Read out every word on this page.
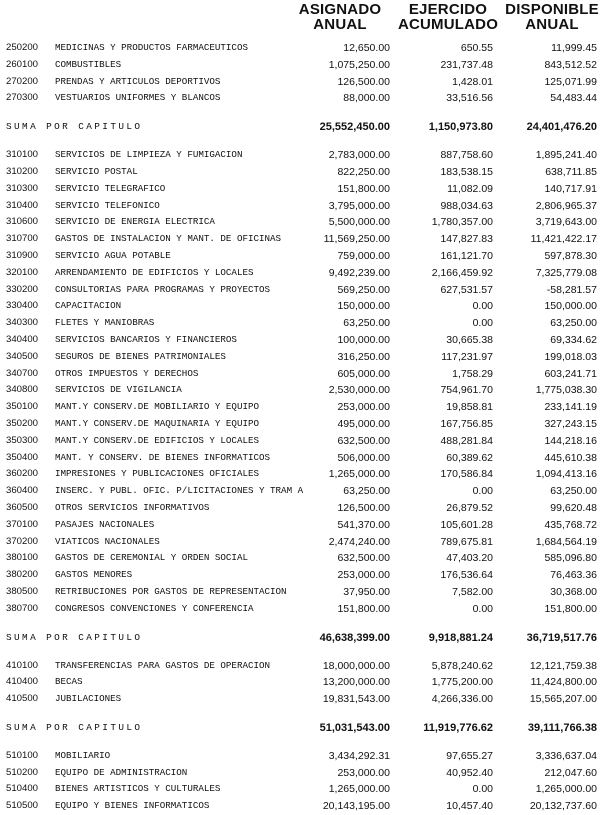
ASIGNADO
ANUAL
EJERCIDO
ACUMULADO
DISPONIBLE
ANUAL
250200 MEDICINAS Y PRODUCTOS FARMACEUTICOS	12,650.00	650.55	11,999.45
260100 COMBUSTIBLES	1,075,250.00	231,737.48	843,512.52
270200 PRENDAS Y ARTICULOS DEPORTIVOS	126,500.00	1,428.01	125,071.99
270300 VESTUARIOS UNIFORMES Y BLANCOS	88,000.00	33,516.56	54,483.44
SUMA POR CAPITULO	25,552,450.00	1,150,973.80	24,401,476.20
310100 SERVICIOS DE LIMPIEZA Y FUMIGACION	2,783,000.00	887,758.60	1,895,241.40
310200 SERVICIO POSTAL	822,250.00	183,538.15	638,711.85
310300 SERVICIO TELEGRAFICO	151,800.00	11,082.09	140,717.91
310400 SERVICIO TELEFONICO	3,795,000.00	988,034.63	2,806,965.37
310600 SERVICIO DE ENERGIA ELECTRICA	5,500,000.00	1,780,357.00	3,719,643.00
310700 GASTOS DE INSTALACION Y MANT. DE OFICINAS	11,569,250.00	147,827.83	11,421,422.17
310900 SERVICIO AGUA POTABLE	759,000.00	161,121.70	597,878.30
320100 ARRENDAMIENTO DE EDIFICIOS Y LOCALES	9,492,239.00	2,166,459.92	7,325,779.08
330200 CONSULTORIAS PARA PROGRAMAS Y PROYECTOS	569,250.00	627,531.57	-58,281.57
330400 CAPACITACION	150,000.00	0.00	150,000.00
340300 FLETES Y MANIOBRAS	63,250.00	0.00	63,250.00
340400 SERVICIOS BANCARIOS Y FINANCIEROS	100,000.00	30,665.38	69,334.62
340500 SEGUROS DE BIENES PATRIMONIALES	316,250.00	117,231.97	199,018.03
340700 OTROS IMPUESTOS Y DERECHOS	605,000.00	1,758.29	603,241.71
340800 SERVICIOS DE VIGILANCIA	2,530,000.00	754,961.70	1,775,038.30
350100 MANT.Y CONSERV.DE MOBILIARIO Y EQUIPO	253,000.00	19,858.81	233,141.19
350200 MANT.Y CONSERV.DE MAQUINARIA Y EQUIPO	495,000.00	167,756.85	327,243.15
350300 MANT.Y CONSERV.DE EDIFICIOS Y LOCALES	632,500.00	488,281.84	144,218.16
350400 MANT. Y CONSERV. DE BIENES INFORMATICOS	506,000.00	60,389.62	445,610.38
360200 IMPRESIONES Y PUBLICACIONES OFICIALES	1,265,000.00	170,586.84	1,094,413.16
360400 INSERC. Y PUBL. OFIC. P/LICITACIONES Y TRAM A	63,250.00	0.00	63,250.00
360500 OTROS SERVICIOS INFORMATIVOS	126,500.00	26,879.52	99,620.48
370100 PASAJES NACIONALES	541,370.00	105,601.28	435,768.72
370200 VIATICOS NACIONALES	2,474,240.00	789,675.81	1,684,564.19
380100 GASTOS DE CEREMONIAL Y ORDEN SOCIAL	632,500.00	47,403.20	585,096.80
380200 GASTOS MENORES	253,000.00	176,536.64	76,463.36
380500 RETRIBUCIONES POR GASTOS DE REPRESENTACION	37,950.00	7,582.00	30,368.00
380700 CONGRESOS CONVENCIONES Y CONFERENCIA	151,800.00	0.00	151,800.00
SUMA POR CAPITULO	46,638,399.00	9,918,881.24	36,719,517.76
410100 TRANSFERENCIAS PARA GASTOS DE OPERACION	18,000,000.00	5,878,240.62	12,121,759.38
410400 BECAS	13,200,000.00	1,775,200.00	11,424,800.00
410500 JUBILACIONES	19,831,543.00	4,266,336.00	15,565,207.00
SUMA POR CAPITULO	51,031,543.00	11,919,776.62	39,111,766.38
510100 MOBILIARIO	3,434,292.31	97,655.27	3,336,637.04
510200 EQUIPO DE ADMINISTRACION	253,000.00	40,952.40	212,047.60
510400 BIENES ARTISTICOS Y CULTURALES	1,265,000.00	0.00	1,265,000.00
510500 EQUIPO Y BIENES INFORMATICOS	20,143,195.00	10,457.40	20,132,737.60
